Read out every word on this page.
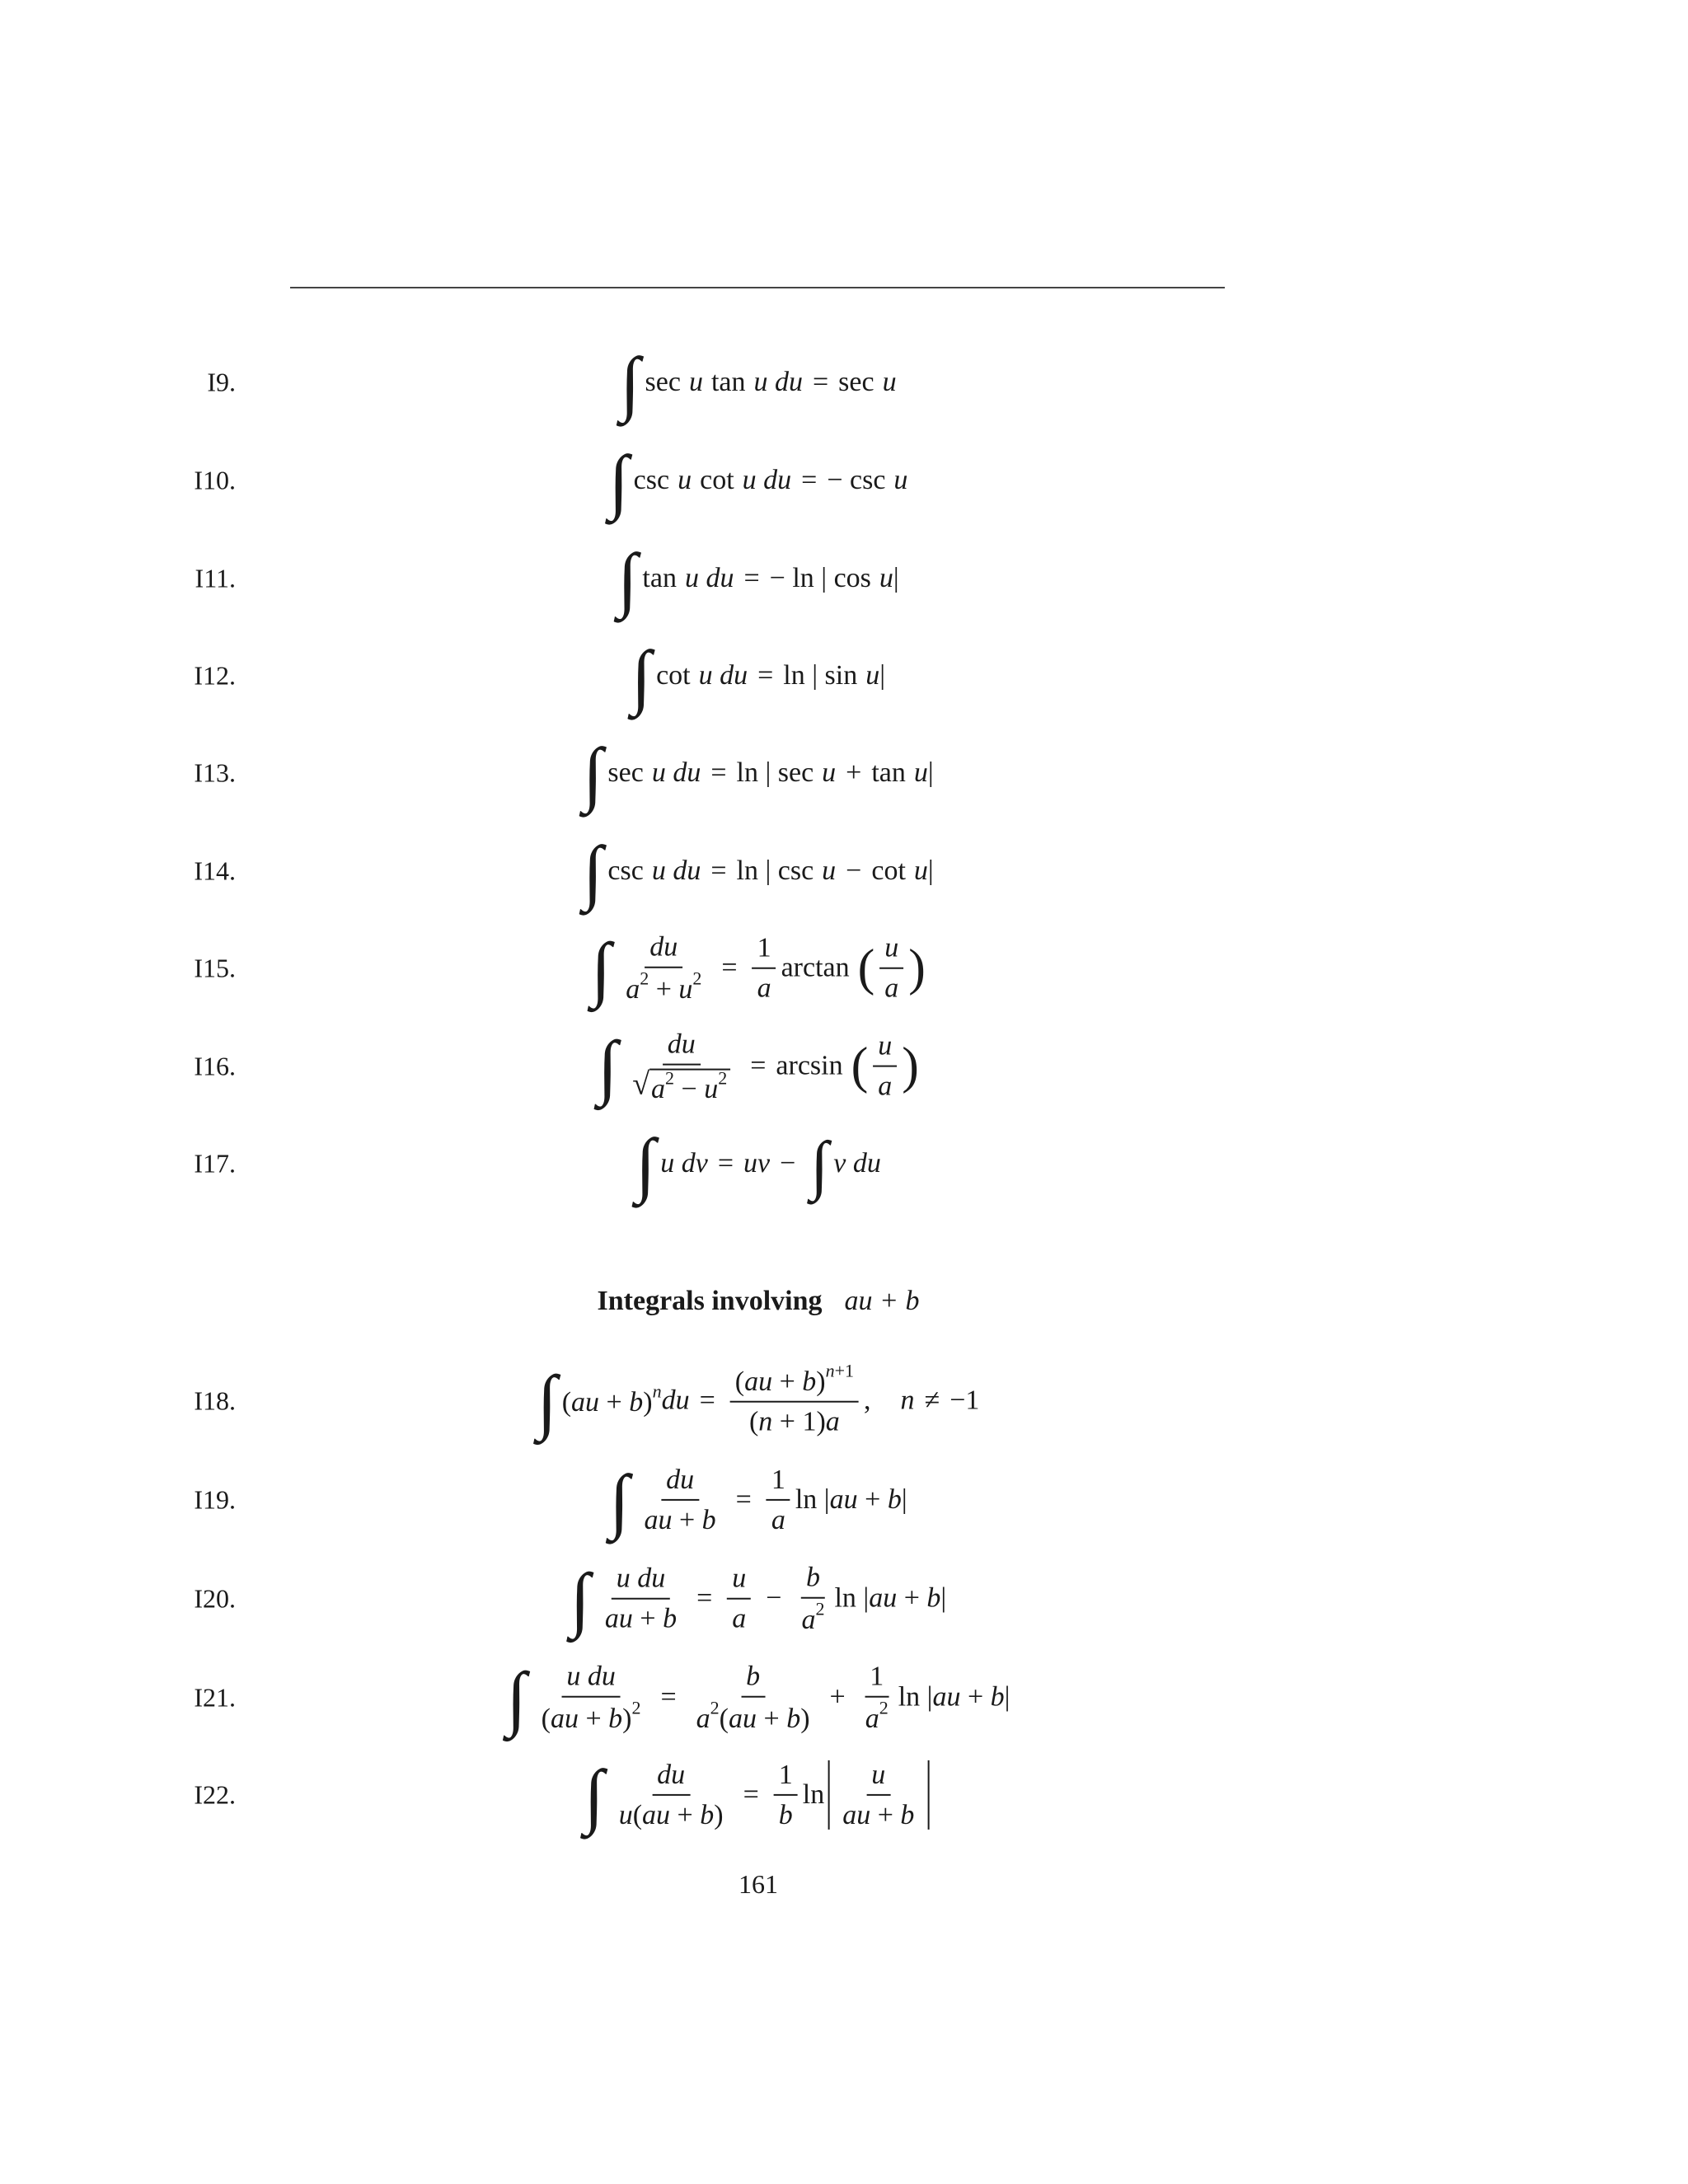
I9.	∫ sec u tan u du = sec u
I10.	∫ csc u cot u du = − csc u
I11.	∫ tan u du = − ln | cos u |
I12.	∫ cot u du = ln | sin u |
I13.	∫ sec u du = ln | sec u + tan u |
I14.	∫ csc u du = ln | csc u − cot u |
I15.	∫ $\frac{du}{a^2 + u^2} = \frac{1}{a}$ arctan ( $\frac{u}{a}$ )
I16.	∫ $\frac{du}{√ a^2 - u^2} = \arcsin$ ( $\frac{u}{a}$ )
I17.	∫ u dv = uv − ∫ v du
Integrals involving au + b
I18.	∫ (au + b)$^n$ du = $\frac{(au + b)^{n+1}}{(n + 1)a}$ , n ≠ −1
I19.	∫ $\frac{du}{au + b} = \frac{1}{a}$ ln |au + b|
I20.	∫ $\frac{\text{u du}}{au + b} = \frac{u}{a} - \frac{b}{a^2}$ ln |au + b|
I21.	∫ $\frac{\text{u du}}{(au + b)^2} = \frac{b}{a^2(au + b)} + \frac{1}{a^2}$ ln |au + b|
I22.	∫ $\frac{du}{u(au + b)} = \frac{1}{b}$ $\ln \frac{u}{au + b}$
161
